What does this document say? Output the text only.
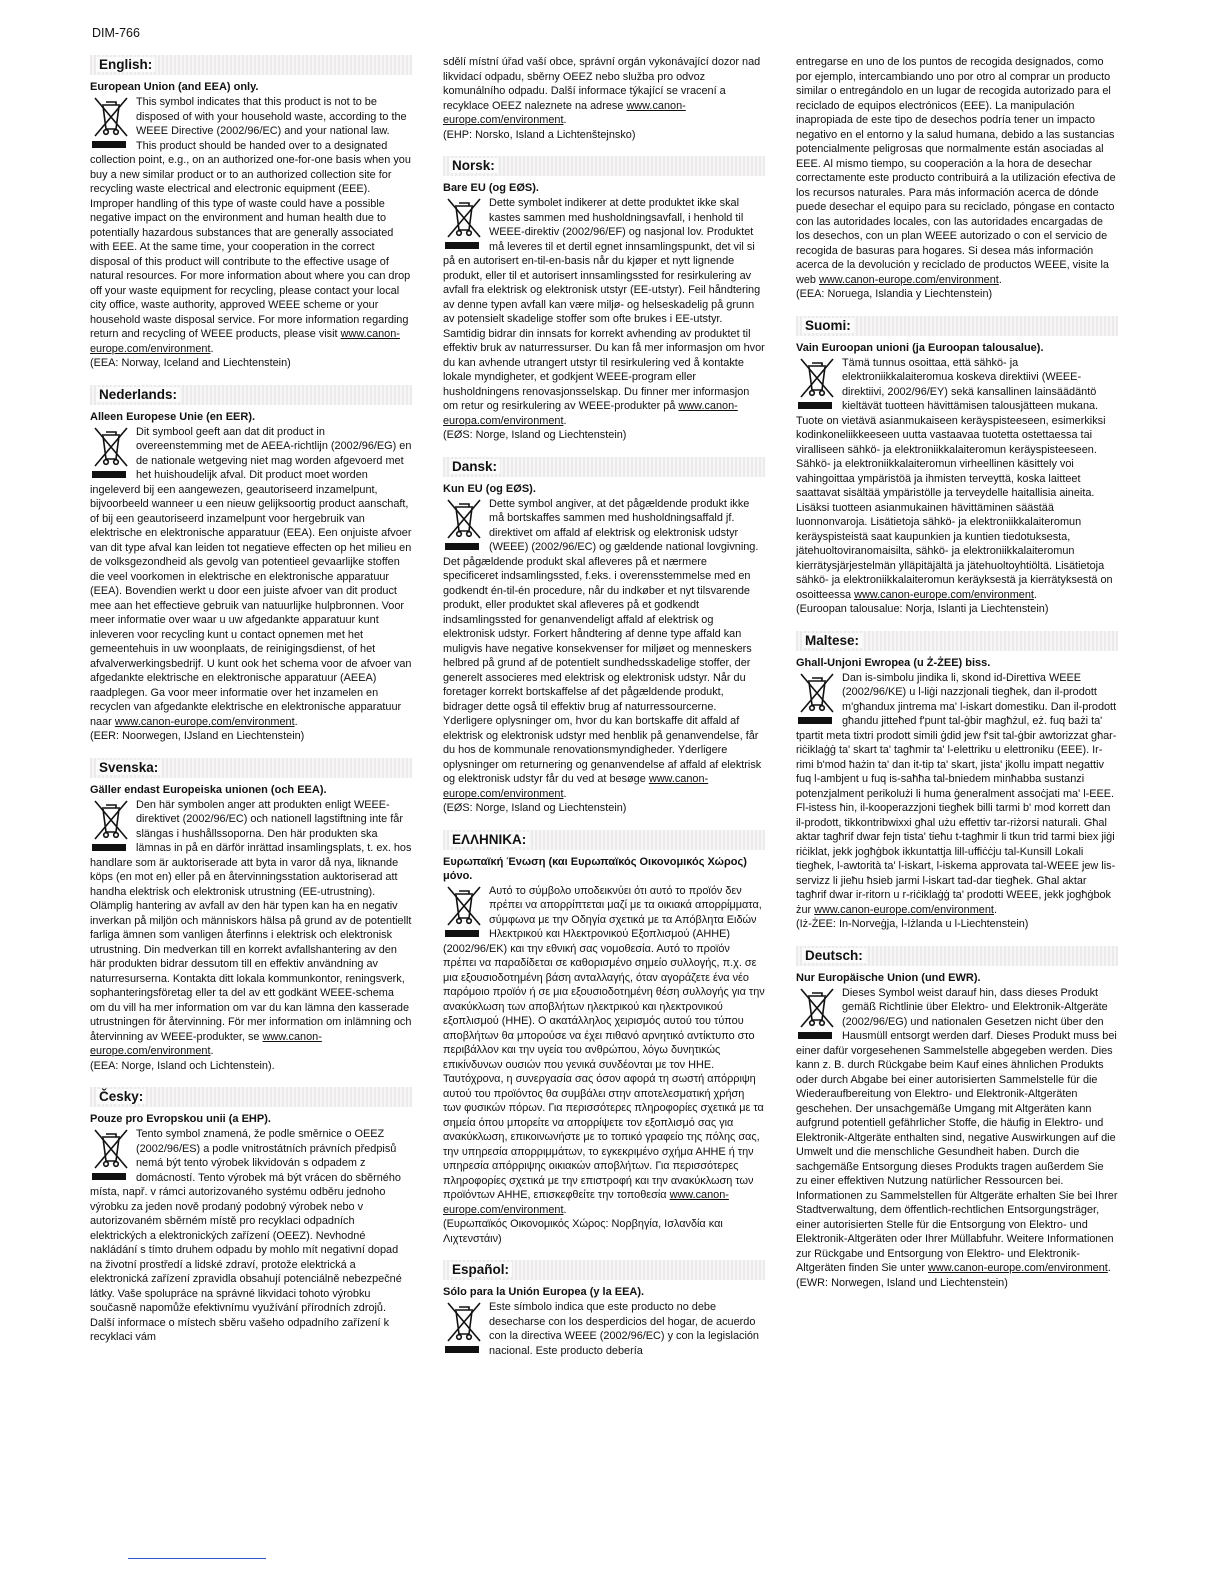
DIM-766
English:
European Union (and EEA) only.

This symbol indicates that this product is not to be disposed of with your household waste, according to the WEEE Directive (2002/96/EC) and your national law. This product should be handed over to a designated collection point, e.g., on an authorized one-for-one basis when you buy a new similar product or to an authorized collection site for recycling waste electrical and electronic equipment (EEE). Improper handling of this type of waste could have a possible negative impact on the environment and human health due to potentially hazardous substances that are generally associated with EEE. At the same time, your cooperation in the correct disposal of this product will contribute to the effective usage of natural resources. For more information about where you can drop off your waste equipment for recycling, please contact your local city office, waste authority, approved WEEE scheme or your household waste disposal service. For more information regarding return and recycling of WEEE products, please visit www.canon-europe.com/environment.
(EEA: Norway, Iceland and Liechtenstein)

Nederlands:
Alleen Europese Unie (en EER).

Dit symbool geeft aan dat dit product in overeenstemming met de AEEA-richtlijn (2002/96/EG) en de nationale wetgeving niet mag worden afgevoerd met het huishoudelijk afval. Dit product moet worden ingeleverd bij een aangewezen, geautoriseerd inzamelpunt, bijvoorbeeld wanneer u een nieuw gelijksoortig product aanschaft, of bij een geautoriseerd inzamelpunt voor hergebruik van elektrische en elektronische apparatuur (EEA). Een onjuiste afvoer van dit type afval kan leiden tot negatieve effecten op het milieu en de volksgezondheid als gevolg van potentieel gevaarlijke stoffen die veel voorkomen in elektrische en elektronische apparatuur (EEA). Bovendien werkt u door een juiste afvoer van dit product mee aan het effectieve gebruik van natuurlijke hulpbronnen. Voor meer informatie over waar u uw afgedankte apparatuur kunt inleveren voor recycling kunt u contact opnemen met het gemeentehuis in uw woonplaats, de reinigingsdienst, of het afvalverwerkingsbedrijf. U kunt ook het schema voor de afvoer van afgedankte elektrische en elektronische apparatuur (AEEA) raadplegen. Ga voor meer informatie over het inzamelen en recyclen van afgedankte elektrische en elektronische apparatuur naar www.canon-europe.com/environment.
(EER: Noorwegen, IJsland en Liechtenstein)

Svenska:
Gäller endast Europeiska unionen (och EEA).

Den här symbolen anger att produkten enligt WEEE-direktivet (2002/96/EC) och nationell lagstiftning inte får slängas i hushållssoporna. Den här produkten ska lämnas in på en därför inrättad insamlingsplats, t. ex. hos handlare som är auktoriserade att byta in varor då nya, liknande köps (en mot en) eller på en återvinningsstation auktoriserad att handha elektrisk och elektronisk utrustning (EE-utrustning). Olämplig hantering av avfall av den här typen kan ha en negativ inverkan på miljön och människors hälsa på grund av de potentiellt farliga ämnen som vanligen återfinns i elektrisk och elektronisk utrustning. Din medverkan till en korrekt avfallshantering av den här produkten bidrar dessutom till en effektiv användning av naturresurserna. Kontakta ditt lokala kommunkontor, reningsverk, sophanteringsföretag eller ta del av ett godkänt WEEE-schema om du vill ha mer information om var du kan lämna den kasserade utrustningen för återvinning. För mer information om inlämning och återvinning av WEEE-produkter, se www.canon-europe.com/environment.
(EEA: Norge, Island och Lichtenstein).

Česky:
Pouze pro Evropskou unii (a EHP).

Tento symbol znamená, že podle směrnice o OEEZ (2002/96/ES) a podle vnitrostátních právních předpisů nemá být tento výrobek likvidován s odpadem z domácností. Tento výrobek má být vrácen do sběrného místa, např. v rámci autorizovaného systému odběru jednoho výrobku za jeden nově prodaný podobný výrobek nebo v autorizovaném sběrném místě pro recyklaci odpadních elektrických a elektronických zařízení (OEEZ). Nevhodné nakládání s tímto druhem odpadu by mohlo mít negativní dopad na životní prostředí a lidské zdraví, protože elektrická a elektronická zařízení zpravidla obsahují potenciálně nebezpečné látky. Vaše spolupráce na správné likvidaci tohoto výrobku současně napomůže efektivnímu využívání přírodních zdrojů. Další informace o místech sběru vašeho odpadního zařízení k recyklaci vám

sdělí místní úřad vaší obce, správní orgán vykonávající dozor nad likvidací odpadu, sběrny OEEZ nebo služba pro odvoz komunálního odpadu. Další informace týkající se vracení a recyklace OEEZ naleznete na adrese www.canon-europe.com/environment.
(EHP: Norsko, Island a Lichtenštejnsko)

Norsk:
Bare EU (og EØS).

Dette symbolet indikerer at dette produktet ikke skal kastes sammen med husholdningsavfall, i henhold til WEEE-direktiv (2002/96/EF) og nasjonal lov. Produktet må leveres til et dertil egnet innsamlingspunkt, det vil si på en autorisert en-til-en-basis når du kjøper et nytt lignende produkt, eller til et autorisert innsamlingssted for resirkulering av avfall fra elektrisk og elektronisk utstyr (EE-utstyr). Feil håndtering av denne typen avfall kan være miljø- og helseskadelig på grunn av potensielt skadelige stoffer som ofte brukes i EE-utstyr. Samtidig bidrar din innsats for korrekt avhending av produktet til effektiv bruk av naturressurser. Du kan få mer informasjon om hvor du kan avhende utrangert utstyr til resirkulering ved å kontakte lokale myndigheter, et godkjent WEEE-program eller husholdningens renovasjonsselskap. Du finner mer informasjon om retur og resirkulering av WEEE-produkter på www.canon-europa.com/environment.
(EØS: Norge, Island og Liechtenstein)

Dansk:
Kun EU (og EØS).

Dette symbol angiver, at det pågældende produkt ikke må bortskaffes sammen med husholdningsaffald jf. direktivet om affald af elektrisk og elektronisk udstyr (WEEE) (2002/96/EC) og gældende national lovgivning. Det pågældende produkt skal afleveres på et nærmere specificeret indsamlingssted, f.eks. i overensstemmelse med en godkendt én-til-én procedure, når du indkøber et nyt tilsvarende produkt, eller produktet skal afleveres på et godkendt indsamlingssted for genanvendeligt affald af elektrisk og elektronisk udstyr. Forkert håndtering af denne type affald kan muligvis have negative konsekvenser for miljøet og menneskers helbred på grund af de potentielt sundhedsskadelige stoffer, der generelt associeres med elektrisk og elektronisk udstyr. Når du foretager korrekt bortskaffelse af det pågældende produkt, bidrager dette også til effektiv brug af naturressourcerne. Yderligere oplysninger om, hvor du kan bortskaffe dit affald af elektrisk og elektronisk udstyr med henblik på genanvendelse, får du hos de kommunale renovationsmyndigheder. Yderligere oplysninger om returnering og genanvendelse af affald af elektrisk og elektronisk udstyr får du ved at besøge www.canon-europe.com/environment.
(EØS: Norge, Island og Liechtenstein)

ΕΛΛΗΝΙΚΑ:
Ευρωπαϊκή Ένωση (και Ευρωπαϊκός Οικονομικός Χώρος) μόνο.

Αυτό το σύμβολο υποδεικνύει ότι αυτό το προϊόν δεν πρέπει να απορρίπτεται μαζί με τα οικιακά απορρίμματα, σύμφωνα με την Οδηγία σχετικά με τα Απόβλητα Ειδών Ηλεκτρικού και Ηλεκτρονικού Εξοπλισμού (ΑΗΗΕ) (2002/96/ΕΚ) και την εθνική σας νομοθεσία. Αυτό το προϊόν πρέπει να παραδίδεται σε καθορισμένο σημείο συλλογής, π.χ. σε μια εξουσιοδοτημένη βάση ανταλλαγής, όταν αγοράζετε ένα νέο παρόμοιο προϊόν ή σε μια εξουσιοδοτημένη θέση συλλογής για την ανακύκλωση των αποβλήτων ηλεκτρικού και ηλεκτρονικού εξοπλισμού (ΗΗΕ). Ο ακατάλληλος χειρισμός αυτού του τύπου αποβλήτων θα μπορούσε να έχει πιθανό αρνητικό αντίκτυπο στο περιβάλλον και την υγεία του ανθρώπου, λόγω δυνητικώς επικίνδυνων ουσιών που γενικά συνδέονται με τον ΗΗΕ. Ταυτόχρονα, η συνεργασία σας όσον αφορά τη σωστή απόρριψη αυτού του προϊόντος θα συμβάλει στην αποτελεσματική χρήση των φυσικών πόρων. Για περισσότερες πληροφορίες σχετικά με τα σημεία όπου μπορείτε να απορρίψετε τον εξοπλισμό σας για ανακύκλωση, επικοινωνήστε με το τοπικό γραφείο της πόλης σας, την υπηρεσία απορριμμάτων, το εγκεκριμένο σχήμα ΑΗΗΕ ή την υπηρεσία απόρριψης οικιακών αποβλήτων. Για περισσότερες πληροφορίες σχετικά με την επιστροφή και την ανακύκλωση των προϊόντων ΑΗΗΕ, επισκεφθείτε την τοποθεσία www.canon-europe.com/environment.
(Ευρωπαϊκός Οικονομικός Χώρος: Νορβηγία, Ισλανδία και Λιχτενστάιν)

Español:
Sólo para la Unión Europea (y la EEA).

Este símbolo indica que este producto no debe desecharse con los desperdicios del hogar, de acuerdo con la directiva WEEE (2002/96/EC) y con la legislación nacional. Este producto debería

entregarse en uno de los puntos de recogida designados, como por ejemplo, intercambiando uno por otro al comprar un producto similar o entregándolo en un lugar de recogida autorizado para el reciclado de equipos electrónicos (EEE). La manipulación inapropiada de este tipo de desechos podría tener un impacto negativo en el entorno y la salud humana, debido a las sustancias potencialmente peligrosas que normalmente están asociadas al EEE. Al mismo tiempo, su cooperación a la hora de desechar correctamente este producto contribuirá a la utilización efectiva de los recursos naturales. Para más información acerca de dónde puede desechar el equipo para su reciclado, póngase en contacto con las autoridades locales, con las autoridades encargadas de los desechos, con un plan WEEE autorizado o con el servicio de recogida de basuras para hogares. Si desea más información acerca de la devolución y reciclado de productos WEEE, visite la web www.canon-europe.com/environment.
(EEA: Noruega, Islandia y Liechtenstein)

Suomi:
Vain Euroopan unioni (ja Euroopan talousalue).

Tämä tunnus osoittaa, että sähkö- ja elektroniikkalaiteromua koskeva direktiivi (WEEE-direktiivi, 2002/96/EY) sekä kansallinen lainsäädäntö kieltävät tuotteen hävittämisen talousjätteen mukana. Tuote on vietävä asianmukaiseen keräyspisteeseen, esimerkiksi kodinkoneliikkeeseen uutta vastaavaa tuotetta ostettaessa tai viralliseen sähkö- ja elektroniikkalaiteromun keräyspisteeseen. Sähkö- ja elektroniikkalaiteromun virheellinen käsittely voi vahingoittaa ympäristöä ja ihmisten terveyttä, koska laitteet saattavat sisältää ympäristölle ja terveydelle haitallisia aineita. Lisäksi tuotteen asianmukainen hävittäminen säästää luonnonvaroja. Lisätietoja sähkö- ja elektroniikkalaiteromun keräyspisteistä saat kaupunkien ja kuntien tiedotuksesta, jätehuoltoviranomaisilta, sähkö- ja elektroniikkalaiteromun kierrätysjärjestelmän ylläpitäjältä ja jätehuoltoyhtiöltä. Lisätietoja sähkö- ja elektroniikkalaiteromun keräyksestä ja kierrätyksestä on osoitteessa www.canon-europe.com/environment.
(Euroopan talousalue: Norja, Islanti ja Liechtenstein)

Maltese:
Ghall-Unjoni Ewropea (u Ż-ŻEE) biss.

Dan is-simbolu jindika li, skond id-Direttiva WEEE (2002/96/KE) u l-liġi nazzjonali tiegħek, dan il-prodott m'għandux jintrema ma' l-iskart domestiku. Dan il-prodott għandu jitteħed f'punt tal-ġbir magħżul, eż. fuq bażi ta' tpartit meta tixtri prodott simili ġdid jew f'sit tal-ġbir awtorizzat għar-riċiklaġġ ta' skart ta' tagħmir ta' l-elettriku u elettroniku (EEE). Ir-rimi b'mod ħażin ta' dan it-tip ta' skart, jista' jkollu impatt negattiv fuq l-ambjent u fuq is-saħħa tal-bniedem minħabba sustanzi potenzjalment perikolużi li huma ġeneralment assoċjati ma' l-EEE. Fl-istess ħin, il-kooperazzjoni tiegħek billi tarmi b' mod korrett dan il-prodott, tikkontribwixxi għal użu effettiv tar-riżorsi naturali. Għal aktar tagħrif dwar fejn tista' tieħu t-tagħmir li tkun trid tarmi biex jiġi riċiklat, jekk jogħġbok ikkuntattja lill-uffiċċju tal-Kunsill Lokali tiegħek, l-awtorità ta' l-iskart, l-iskema approvata tal-WEEE jew lis-servizz li jieħu ħsieb jarmi l-iskart tad-dar tiegħek. Għal aktar tagħrif dwar ir-ritorn u r-riċiklaġġ ta' prodotti WEEE, jekk jogħġbok żur www.canon-europe.com/environment.
(Iż-ŻEE: In-Norveġja, l-Iżlanda u l-Liechtenstein)

Deutsch:
Nur Europäische Union (und EWR).

Dieses Symbol weist darauf hin, dass dieses Produkt gemäß Richtlinie über Elektro- und Elektronik-Altgeräte (2002/96/EG) und nationalen Gesetzen nicht über den Hausmüll entsorgt werden darf. Dieses Produkt muss bei einer dafür vorgesehenen Sammelstelle abgegeben werden. Dies kann z. B. durch Rückgabe beim Kauf eines ähnlichen Produkts oder durch Abgabe bei einer autorisierten Sammelstelle für die Wiederaufbereitung von Elektro- und Elektronik-Altgeräten geschehen. Der unsachgemäße Umgang mit Altgeräten kann aufgrund potentiell gefährlicher Stoffe, die häufig in Elektro- und Elektronik-Altgeräte enthalten sind, negative Auswirkungen auf die Umwelt und die menschliche Gesundheit haben. Durch die sachgemäße Entsorgung dieses Produkts tragen außerdem Sie zu einer effektiven Nutzung natürlicher Ressourcen bei. Informationen zu Sammelstellen für Altgeräte erhalten Sie bei Ihrer Stadtverwaltung, dem öffentlich-rechtlichen Entsorgungsträger, einer autorisierten Stelle für die Entsorgung von Elektro- und Elektronik-Altgeräten oder Ihrer Müllabfuhr. Weitere Informationen zur Rückgabe und Entsorgung von Elektro- und Elektronik-Altgeräten finden Sie unter www.canon-europe.com/environment.
(EWR: Norwegen, Island und Liechtenstein)
